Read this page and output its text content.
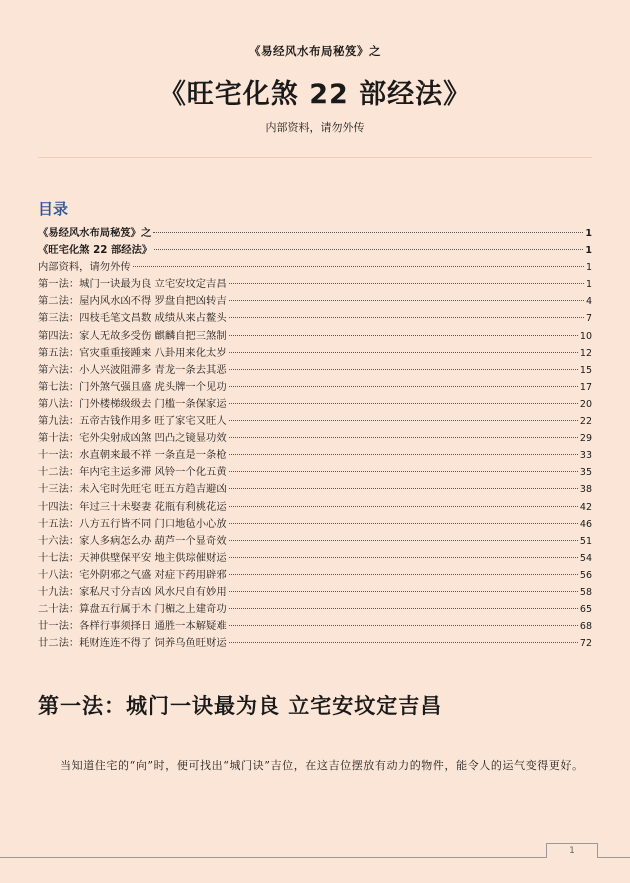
《易经风水布局秘笈》之
《旺宅化煞 22 部经法》
内部资料，请勿外传
目录
《易经风水布局秘笈》之	1
《旺宅化煞 22 部经法》	1
内部资料，请勿外传	1
第一法：城门一诀最为良 立宅安坟定吉昌	1
第二法：屋内风水凶不得 罗盘自把凶转吉	4
第三法：四枝毛笔文昌数 成绩从来占鳌头	7
第四法：家人无故多受伤 麒麟自把三煞制	10
第五法：官灾重重接踵来 八卦用来化太岁	12
第六法：小人兴波阻滞多 青龙一条去其恶	15
第七法：门外煞气强且盛 虎头牌一个见功	17
第八法：门外楼梯级级去 门槛一条保家运	20
第九法：五帝古钱作用多 旺了家宅又旺人	22
第十法：宅外尖射成凶煞 凹凸之镜显功效	29
十一法：水直朝来最不祥 一条直是一条枪	33
十二法：年内宅主运多滞 风铃一个化五黄	35
十三法：未入宅时先旺宅 旺五方趋吉避凶	38
十四法：年过三十未娶妻 花瓶有利桃花运	42
十五法：八方五行皆不同 门口地毡小心放	46
十六法：家人多病怎么办 葫芦一个显奇效	51
十七法：天神供壁保平安 地主供琮催财运	54
十八法：宅外阴邪之气盛 对症下药用辟邪	56
十九法：家私尺寸分吉凶 风水尺自有妙用	58
二十法：算盘五行属于木 门楣之上建奇功	65
廿一法：各样行事须择日 通胜一本解疑难	68
廿二法：耗财连连不得了 饲养乌鱼旺财运	72
第一法：城门一诀最为良 立宅安坟定吉昌

当知道住宅的“向”时，便可找出“城门诀”吉位，在这吉位摆放有动力的物件，能令人的运气变得更好。

1
